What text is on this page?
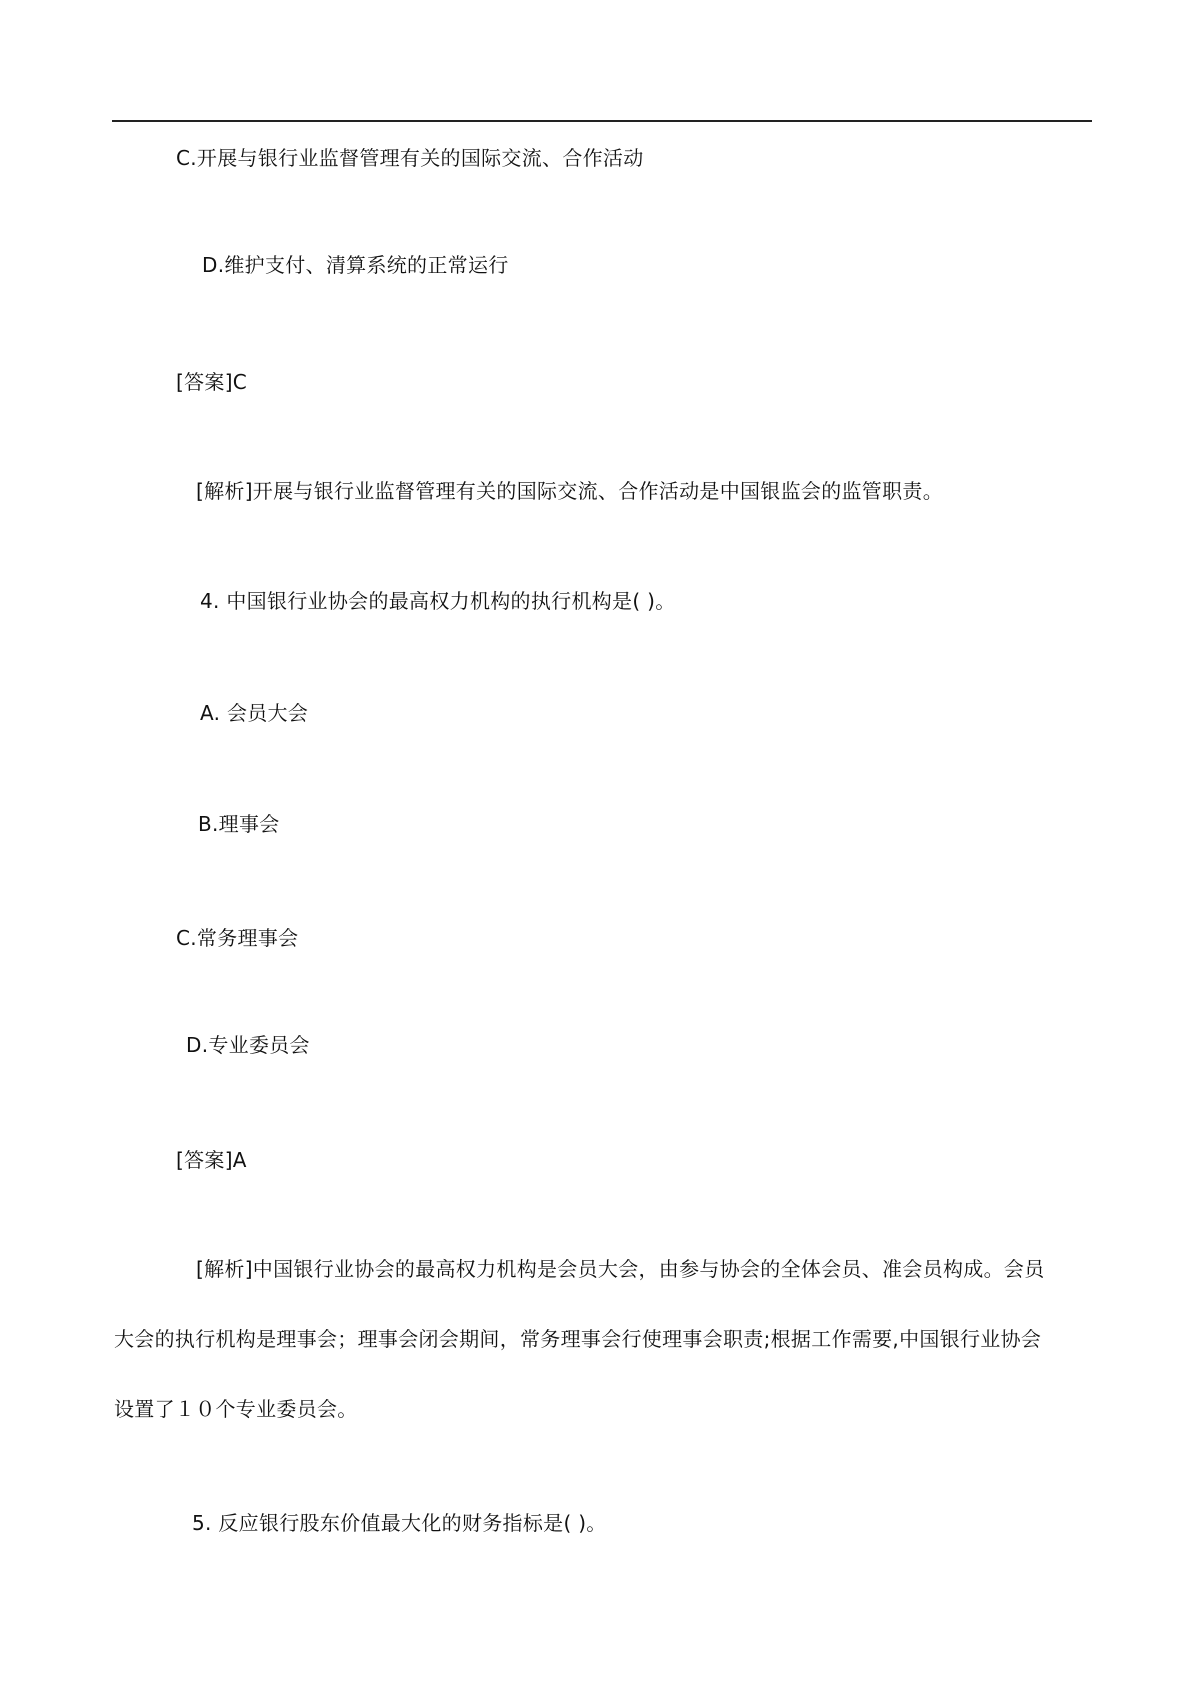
C.开展与银行业监督管理有关的国际交流、合作活动
D.维护支付、清算系统的正常运行
[答案]C
[解析]开展与银行业监督管理有关的国际交流、合作活动是中国银监会的监管职责。
4. 中国银行业协会的最高权力机构的执行机构是( )。
A. 会员大会
B.理事会
C.常务理事会
D.专业委员会
[答案]A
[解析]中国银行业协会的最高权力机构是会员大会，由参与协会的全体会员、准会员构成。会员
大会的执行机构是理事会；理事会闭会期间，常务理事会行使理事会职责;根据工作需要,中国银行业协会
设置了１０个专业委员会。
5. 反应银行股东价值最大化的财务指标是( )。
